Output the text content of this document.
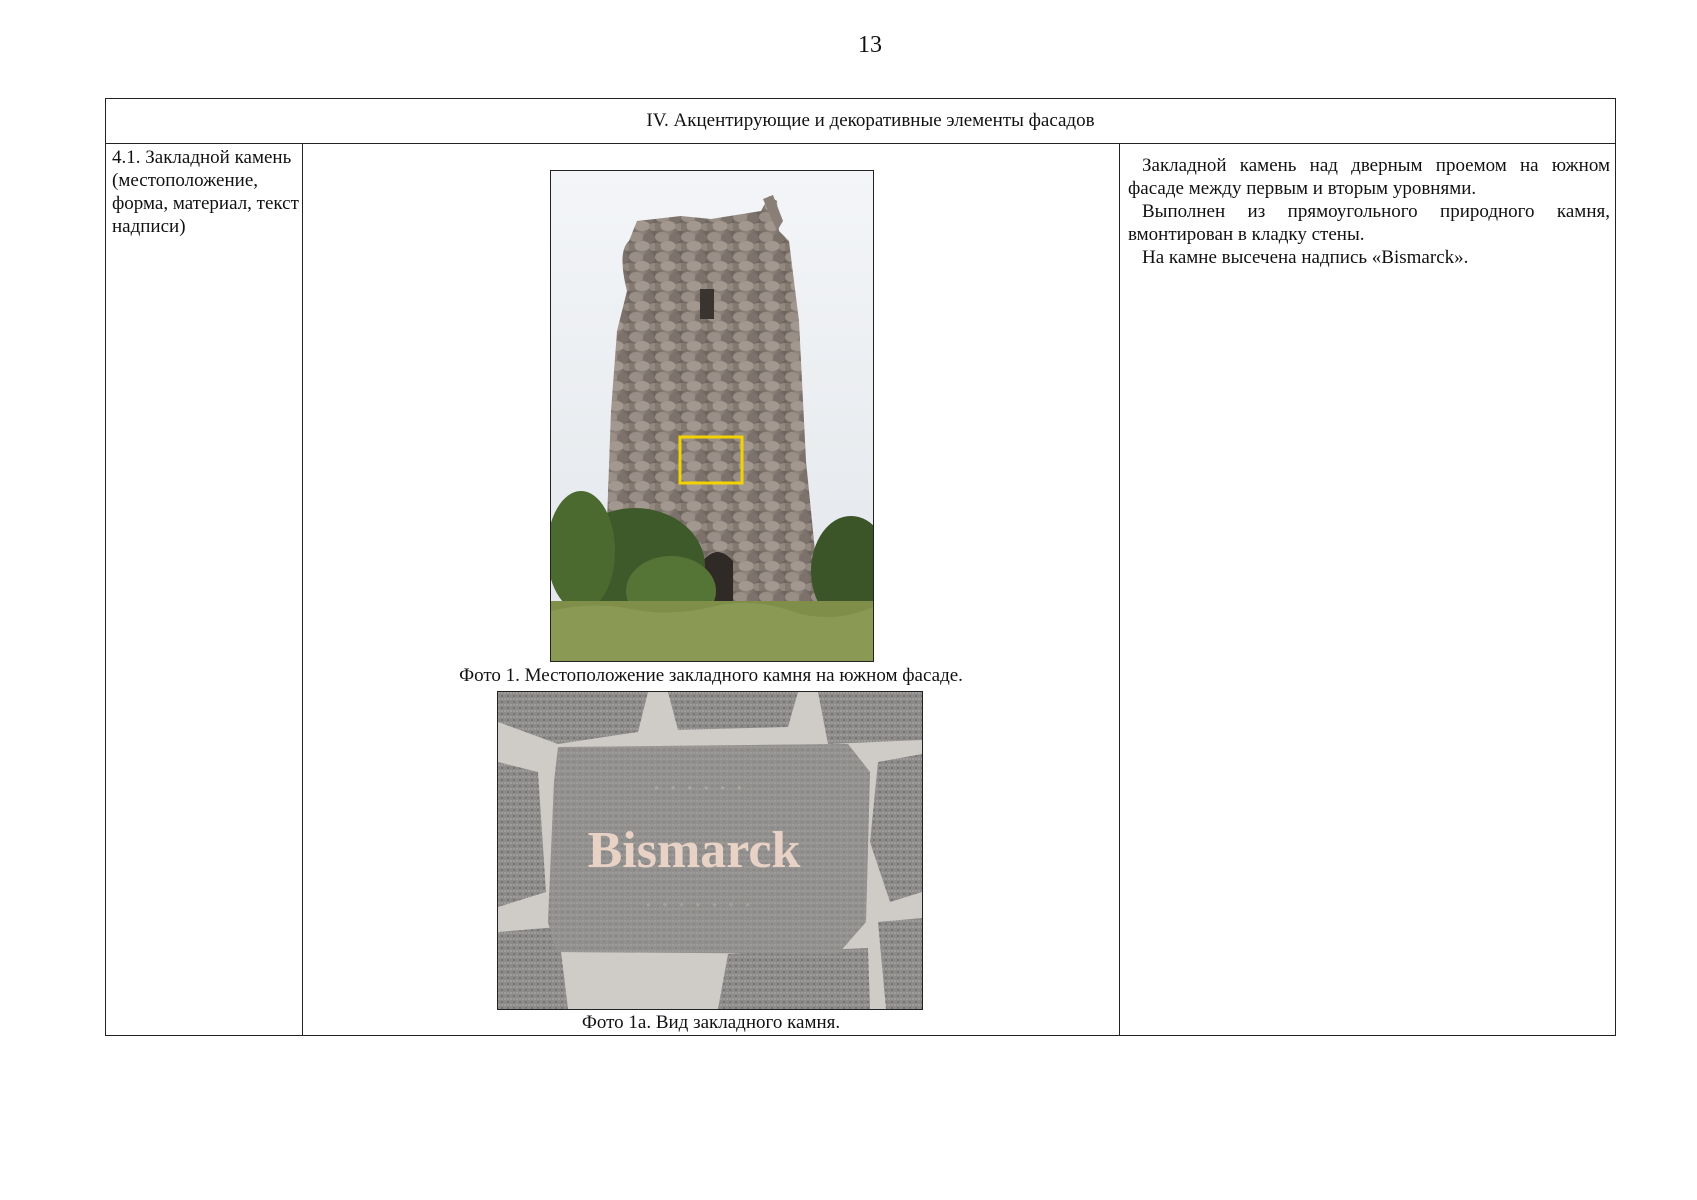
13
IV. Акцентирующие и декоративные элементы фасадов
4.1. Закладной камень (местоположение, форма, материал, текст надписи)
Фото 1. Местоположение закладного камня на южном фасаде.
· · · · · ·
· · · · · · ·
Bismarck
Фото 1а. Вид закладного камня.

Закладной камень над дверным проемом на южном фасаде между первым и вторым уровнями.

Выполнен из прямоугольного природного камня, вмонтирован в кладку стены.

На камне высечена надпись «Bismarck».
